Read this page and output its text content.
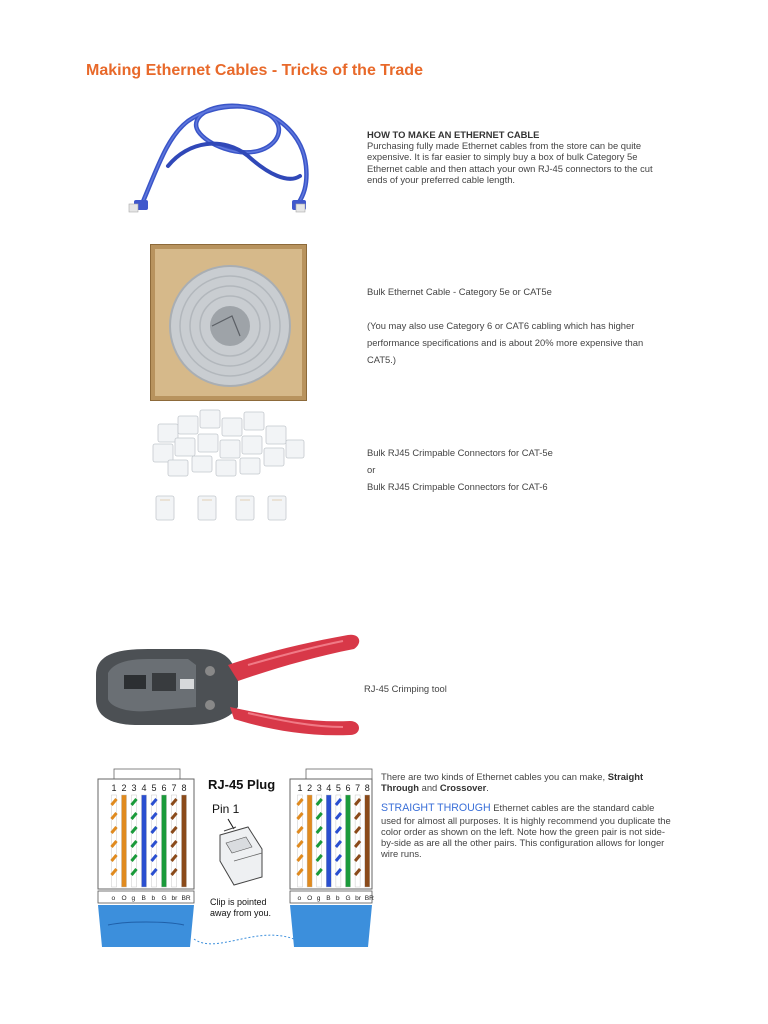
Making Ethernet Cables - Tricks of the Trade
HOW TO MAKE AN ETHERNET CABLE
Purchasing fully made Ethernet cables from the store can be quite expensive. It is far easier to simply buy a box of bulk Category 5e Ethernet cable and then attach your own RJ-45 connectors to the cut ends of your preferred cable length.
Bulk Ethernet Cable - Category 5e or CAT5e
(You may also use Category 6 or CAT6 cabling which has higher performance specifications and is about 20% more expensive than CAT5.)
Bulk RJ45 Crimpable Connectors for CAT-5e
or
Bulk RJ45 Crimpable Connectors for CAT-6
RJ-45 Crimping tool
1 2 3 4 5 6 7 8
o O g B b G br BR
1 2 3 4 5 6 7 8
o O g B b G br BR
RJ-45 Plug
Pin 1
Clip is pointed
away from you.
There are two kinds of Ethernet cables you can make, Straight Through and Crossover.
STRAIGHT THROUGH Ethernet cables are the standard cable used for almost all purposes. It is highly recommend you duplicate the color order as shown on the left. Note how the green pair is not side-by-side as are all the other pairs. This configuration allows for longer wire runs.
